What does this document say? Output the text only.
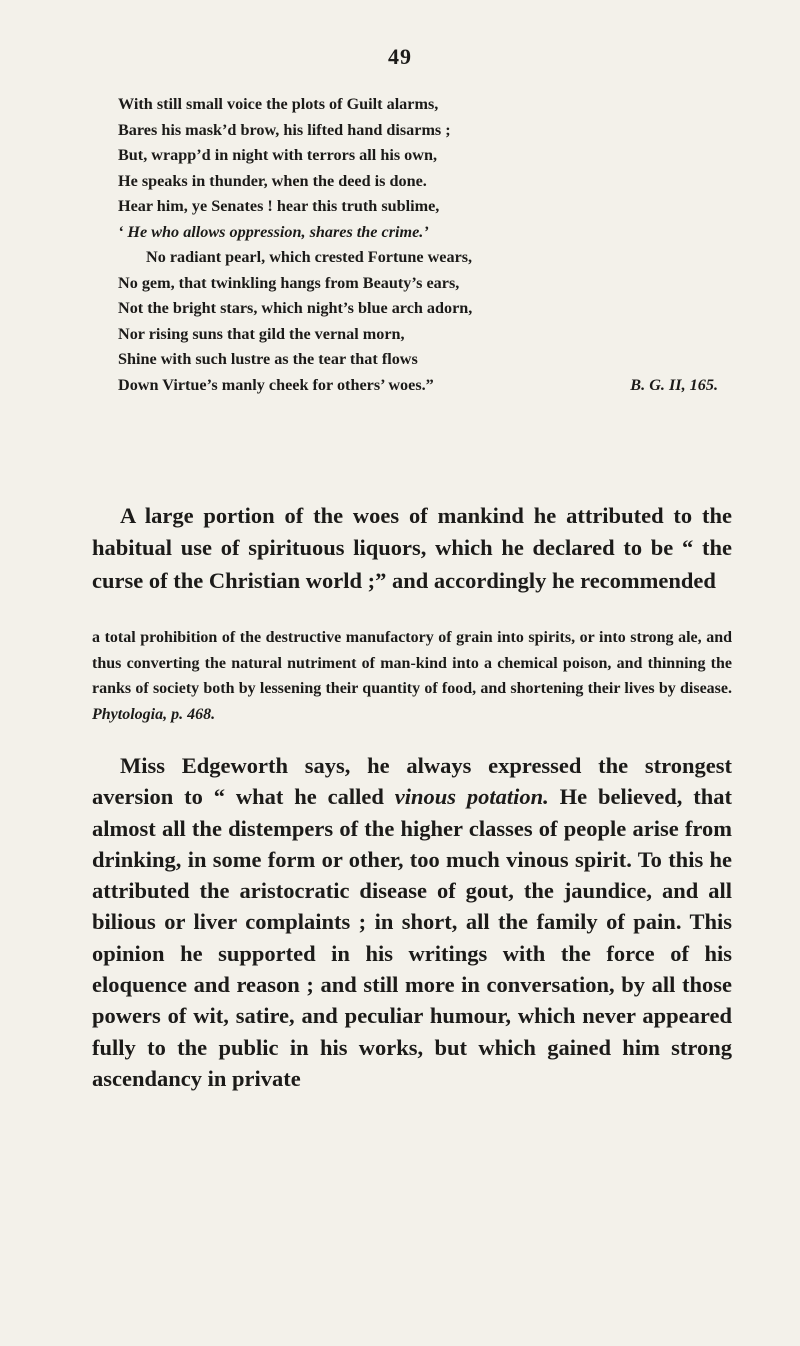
49
With still small voice the plots of Guilt alarms,
Bares his mask’d brow, his lifted hand disarms ;
But, wrapp’d in night with terrors all his own,
He speaks in thunder, when the deed is done.
Hear him, ye Senates ! hear this truth sublime,
‘ He who allows oppression, shares the crime.’
No radiant pearl, which crested Fortune wears,
No gem, that twinkling hangs from Beauty’s ears,
Not the bright stars, which night’s blue arch adorn,
Nor rising suns that gild the vernal morn,
Shine with such lustre as the tear that flows
Down Virtue’s manly cheek for others’ woes.”	B. G. II, 165.
A large portion of the woes of mankind he attributed to the habitual use of spirituous liquors, which he declared to be “ the curse of the Christian world ;” and accordingly he recommended
a total prohibition of the destructive manufactory of grain into spirits, or into strong ale, and thus converting the natural nutriment of man-kind into a chemical poison, and thinning the ranks of society both by lessening their quantity of food, and shortening their lives by disease. Phytologia, p. 468.
Miss Edgeworth says, he always expressed the strongest aversion to “ what he called vinous potation. He believed, that almost all the distempers of the higher classes of people arise from drinking, in some form or other, too much vinous spirit. To this he attributed the aristocratic disease of gout, the jaundice, and all bilious or liver complaints ; in short, all the family of pain. This opinion he supported in his writings with the force of his eloquence and reason ; and still more in conversation, by all those powers of wit, satire, and peculiar humour, which never appeared fully to the public in his works, but which gained him strong ascendancy in private
